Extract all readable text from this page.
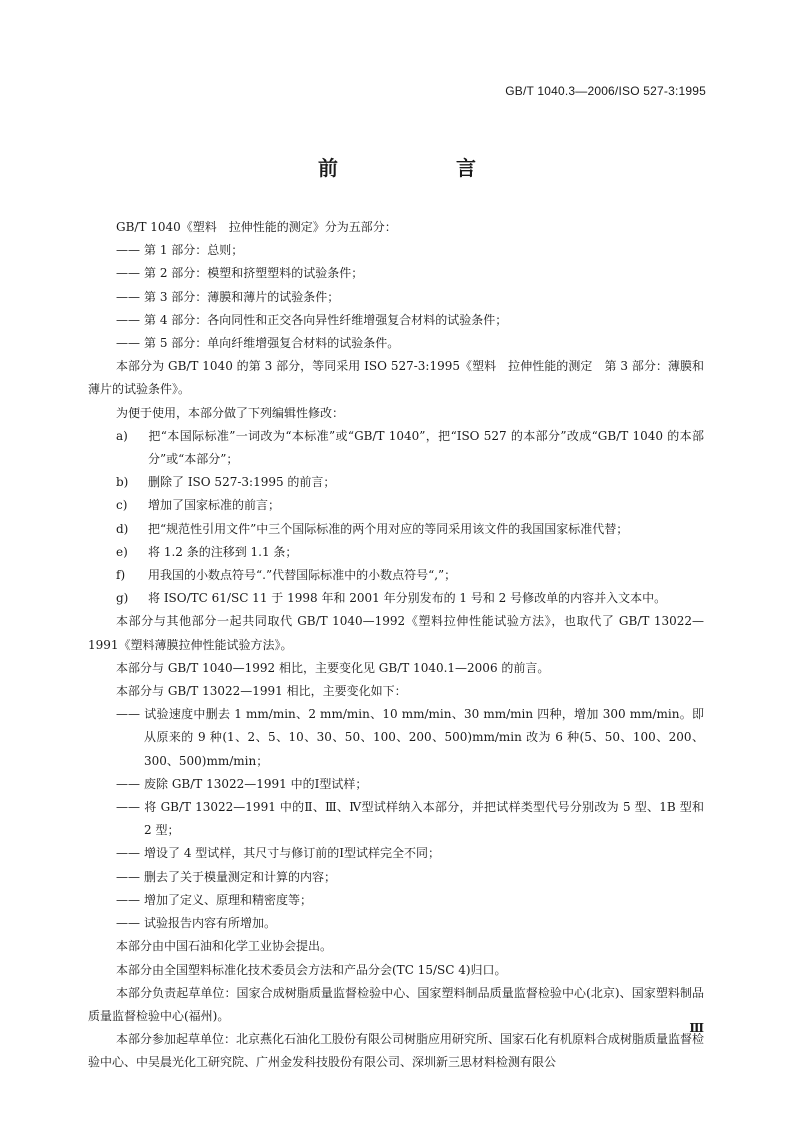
GB/T 1040.3—2006/ISO 527-3:1995
前　　言

GB/T 1040《塑料　拉伸性能的测定》分为五部分：

—— 第 1 部分：总则；

—— 第 2 部分：模塑和挤塑塑料的试验条件；

—— 第 3 部分：薄膜和薄片的试验条件；

—— 第 4 部分：各向同性和正交各向异性纤维增强复合材料的试验条件；

—— 第 5 部分：单向纤维增强复合材料的试验条件。

本部分为 GB/T 1040 的第 3 部分，等同采用 ISO 527-3:1995《塑料　拉伸性能的测定　第 3 部分：薄膜和薄片的试验条件》。

为便于使用，本部分做了下列编辑性修改：

a) 把“本国际标准”一词改为“本标准”或“GB/T 1040”，把“ISO 527 的本部分”改成“GB/T 1040 的本部分”或“本部分”；

b) 删除了 ISO 527-3:1995 的前言；

c) 增加了国家标准的前言；

d) 把“规范性引用文件”中三个国际标准的两个用对应的等同采用该文件的我国国家标准代替；

e) 将 1.2 条的注移到 1.1 条；

f) 用我国的小数点符号“.”代替国际标准中的小数点符号“,”；

g) 将 ISO/TC 61/SC 11 于 1998 年和 2001 年分别发布的 1 号和 2 号修改单的内容并入文本中。

本部分与其他部分一起共同取代 GB/T 1040—1992《塑料拉伸性能试验方法》，也取代了 GB/T 13022—1991《塑料薄膜拉伸性能试验方法》。

本部分与 GB/T 1040—1992 相比，主要变化见 GB/T 1040.1—2006 的前言。

本部分与 GB/T 13022—1991 相比，主要变化如下：

—— 试验速度中删去 1 mm/min、2 mm/min、10 mm/min、30 mm/min 四种，增加 300 mm/min。即从原来的 9 种(1、2、5、10、30、50、100、200、500)mm/min 改为 6 种(5、50、100、200、300、500)mm/min；

—— 废除 GB/T 13022—1991 中的Ⅰ型试样；

—— 将 GB/T 13022—1991 中的Ⅱ、Ⅲ、Ⅳ型试样纳入本部分，并把试样类型代号分别改为 5 型、1B 型和 2 型；

—— 增设了 4 型试样，其尺寸与修订前的Ⅰ型试样完全不同；

—— 删去了关于模量测定和计算的内容；

—— 增加了定义、原理和精密度等；

—— 试验报告内容有所增加。

本部分由中国石油和化学工业协会提出。

本部分由全国塑料标准化技术委员会方法和产品分会(TC 15/SC 4)归口。

本部分负责起草单位：国家合成树脂质量监督检验中心、国家塑料制品质量监督检验中心(北京)、国家塑料制品质量监督检验中心(福州)。

本部分参加起草单位：北京燕化石油化工股份有限公司树脂应用研究所、国家石化有机原料合成树脂质量监督检验中心、中吴晨光化工研究院、广州金发科技股份有限公司、深圳新三思材料检测有限公

Ⅲ
